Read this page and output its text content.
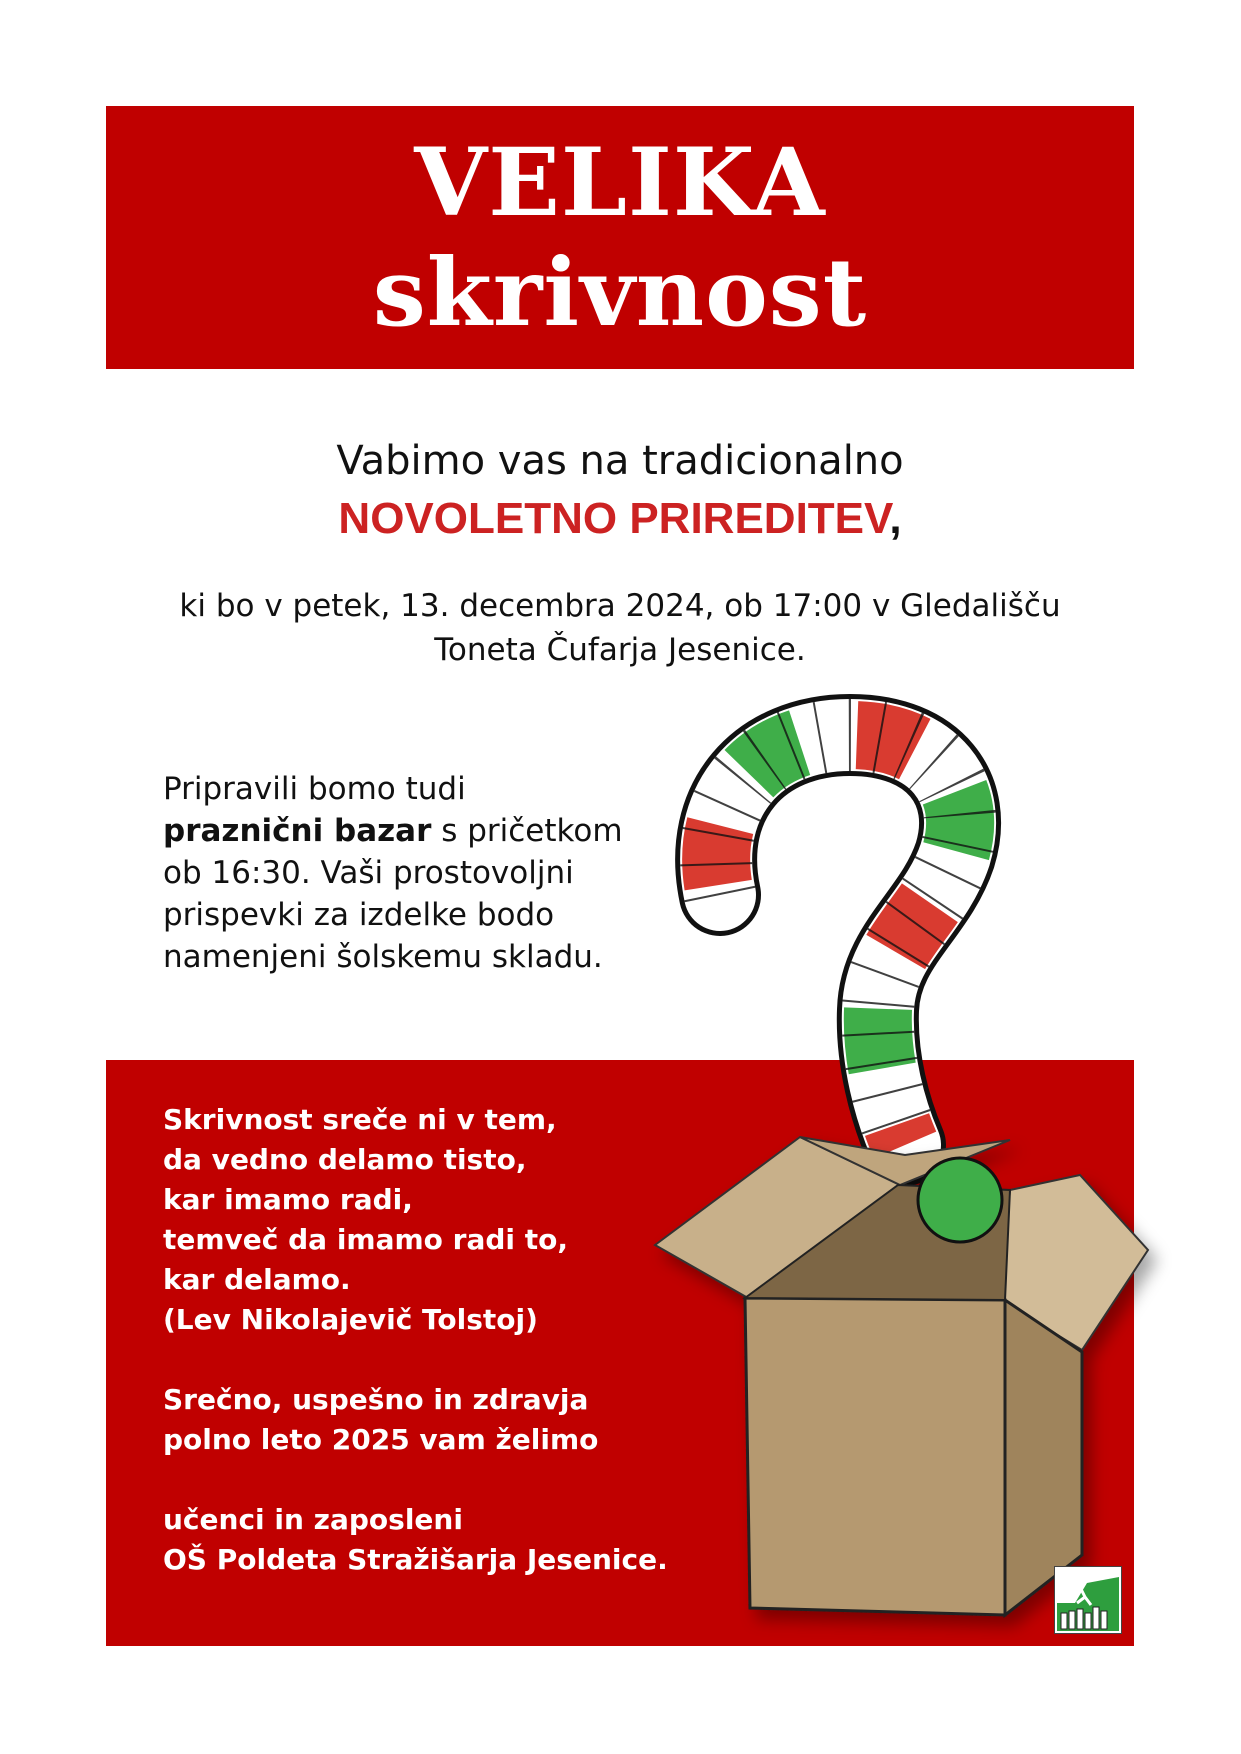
VELIKA
skrivnost
Vabimo vas na tradicionalno
NOVOLETNO PRIREDITEV,
ki bo v petek, 13. decembra 2024, ob 17:00 v Gledališču
Toneta Čufarja Jesenice.
Pripravili bomo tudi
praznični bazar s pričetkom
ob 16:30. Vaši prostovoljni
prispevki za izdelke bodo
namenjeni šolskemu skladu.
Skrivnost sreče ni v tem,
da vedno delamo tisto,
kar imamo radi,
temveč da imamo radi to,
kar delamo.
(Lev Nikolajevič Tolstoj)
Srečno, uspešno in zdravja
polno leto 2025 vam želimo
učenci in zaposleni
OŠ Poldeta Stražišarja Jesenice.
